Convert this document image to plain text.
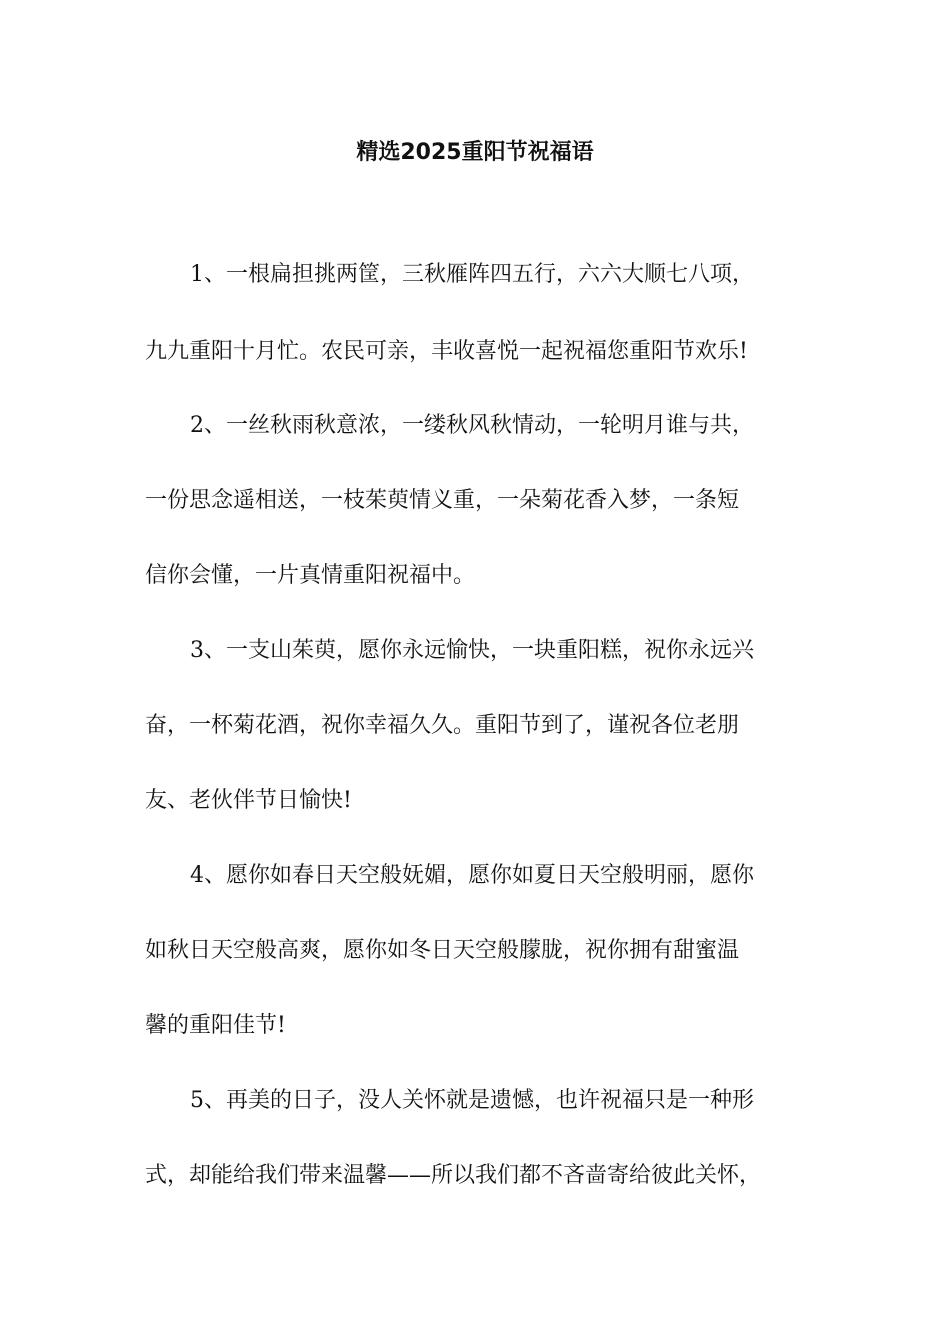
精选2025重阳节祝福语
1、一根扁担挑两筐，三秋雁阵四五行，六六大顺七八项，
九九重阳十月忙。农民可亲，丰收喜悦一起祝福您重阳节欢乐!
2、一丝秋雨秋意浓，一缕秋风秋情动，一轮明月谁与共，
一份思念遥相送，一枝茱萸情义重，一朵菊花香入梦，一条短
信你会懂，一片真情重阳祝福中。
3、一支山茱萸，愿你永远愉快，一块重阳糕，祝你永远兴
奋，一杯菊花酒，祝你幸福久久。重阳节到了，谨祝各位老朋
友、老伙伴节日愉快!
4、愿你如春日天空般妩媚，愿你如夏日天空般明丽，愿你
如秋日天空般高爽，愿你如冬日天空般朦胧，祝你拥有甜蜜温
馨的重阳佳节!
5、再美的日子，没人关怀就是遗憾，也许祝福只是一种形
式，却能给我们带来温馨——所以我们都不吝啬寄给彼此关怀，
